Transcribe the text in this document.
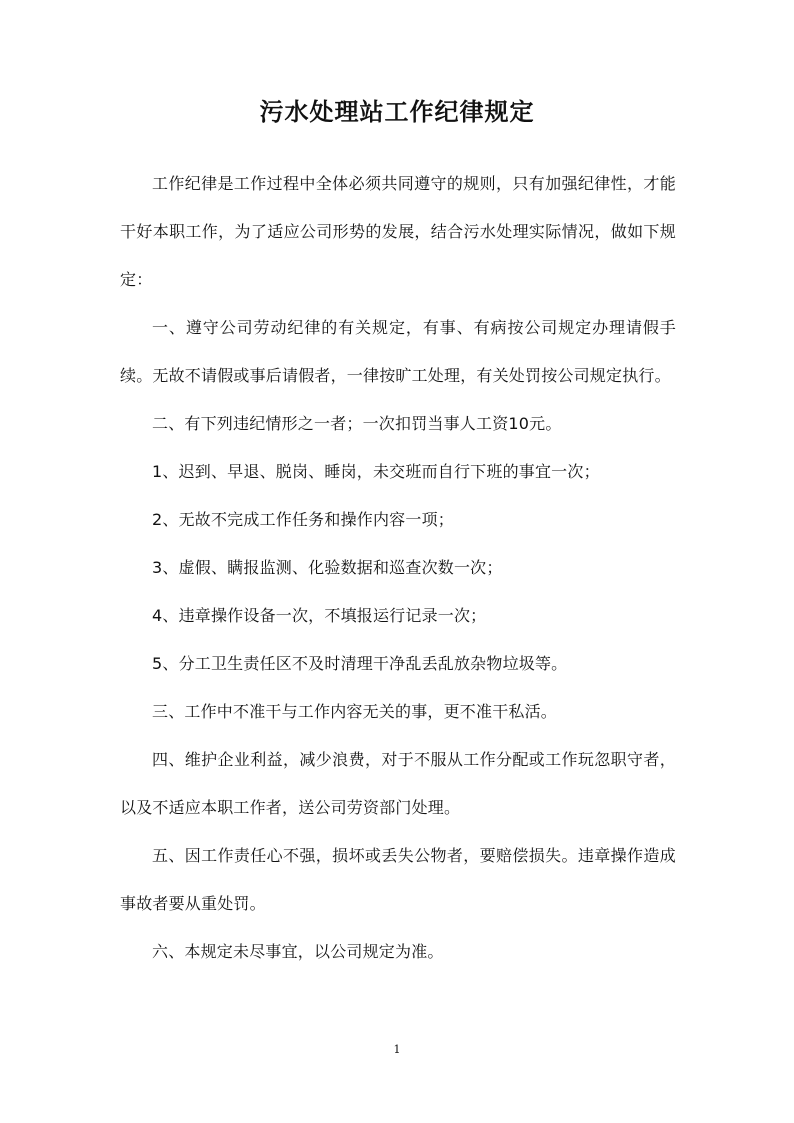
污水处理站工作纪律规定

工作纪律是工作过程中全体必须共同遵守的规则，只有加强纪律性，才能干好本职工作，为了适应公司形势的发展，结合污水处理实际情况，做如下规定：

一、遵守公司劳动纪律的有关规定，有事、有病按公司规定办理请假手续。无故不请假或事后请假者，一律按旷工处理，有关处罚按公司规定执行。

二、有下列违纪情形之一者；一次扣罚当事人工资10元。

1、迟到、早退、脱岗、睡岗，未交班而自行下班的事宜一次；

2、无故不完成工作任务和操作内容一项；

3、虚假、瞒报监测、化验数据和巡查次数一次；

4、违章操作设备一次，不填报运行记录一次；

5、分工卫生责任区不及时清理干净乱丢乱放杂物垃圾等。

三、工作中不准干与工作内容无关的事，更不准干私活。

四、维护企业利益，减少浪费，对于不服从工作分配或工作玩忽职守者，以及不适应本职工作者，送公司劳资部门处理。

五、因工作责任心不强，损坏或丢失公物者，要赔偿损失。违章操作造成事故者要从重处罚。

六、本规定未尽事宜，以公司规定为准。

1
